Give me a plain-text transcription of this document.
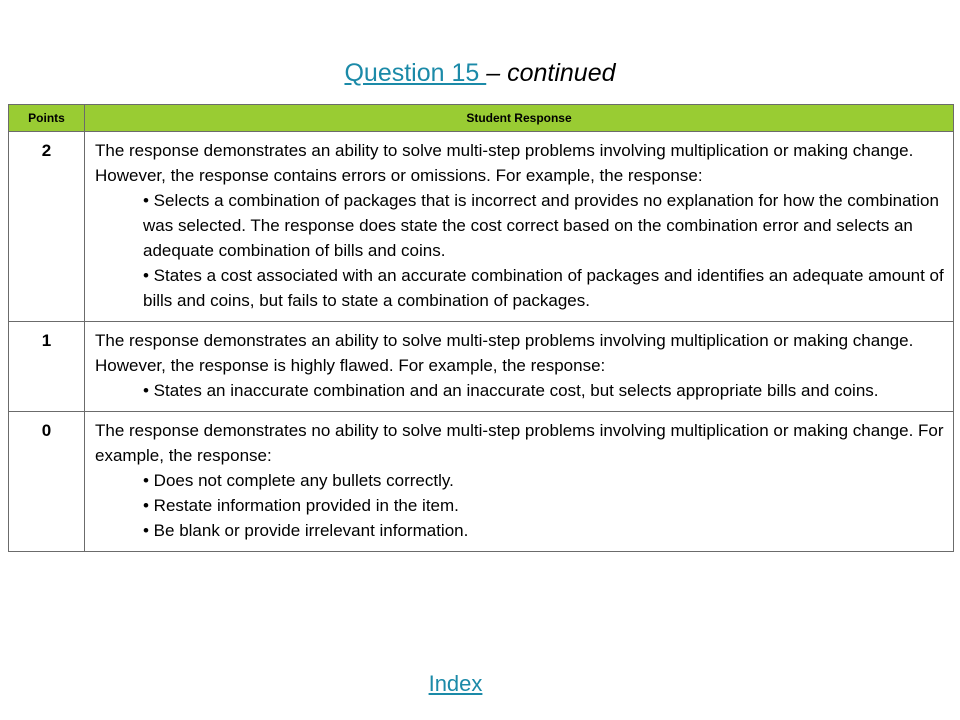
Question 15 – continued
Points	Student Response
2	The response demonstrates an ability to solve multi-step problems involving multiplication or making change. However, the response contains errors or omissions. For example, the response:
• Selects a combination of packages that is incorrect and provides no explanation for how the combination was selected. The response does state the cost correct based on the combination error and selects an adequate combination of bills and coins.
• States a cost associated with an accurate combination of packages and identifies an adequate amount of bills and coins, but fails to state a combination of packages.

1	The response demonstrates an ability to solve multi-step problems involving multiplication or making change. However, the response is highly flawed. For example, the response:
• States an inaccurate combination and an inaccurate cost, but selects appropriate bills and coins.

0	The response demonstrates no ability to solve multi-step problems involving multiplication or making change. For example, the response:
• Does not complete any bullets correctly.
• Restate information provided in the item.
• Be blank or provide irrelevant information.
Index
